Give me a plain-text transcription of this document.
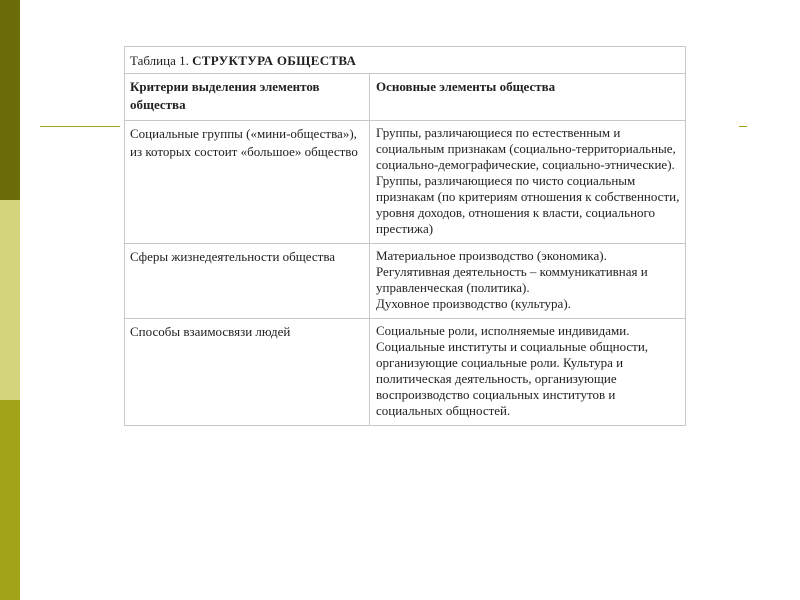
Таблица 1. СТРУКТУРА ОБЩЕСТВА
Критерии выделения элементов общества
Основные элементы общества
Социальные группы («мини-общества»), из которых состоит «большое» общество
Группы, различающиеся по естественным и социальным признакам (социально-территориальные, социально-демографические, социально-этнические).
Группы, различающиеся по чисто социальным признакам (по критериям отношения к собственности, уровня доходов, отношения к власти, социального престижа)
Сферы жизнедеятельности общества	Материальное производство (экономика).
Регулятивная деятельность – коммуникативная и управленческая (политика).
Духовное производство (культура).
Способы взаимосвязи людей	Социальные роли, исполняемые индивидами. Социальные институты и социальные общности, организующие социальные роли. Культура и политическая деятельность, организующие воспроизводство социальных институтов и социальных общностей.
